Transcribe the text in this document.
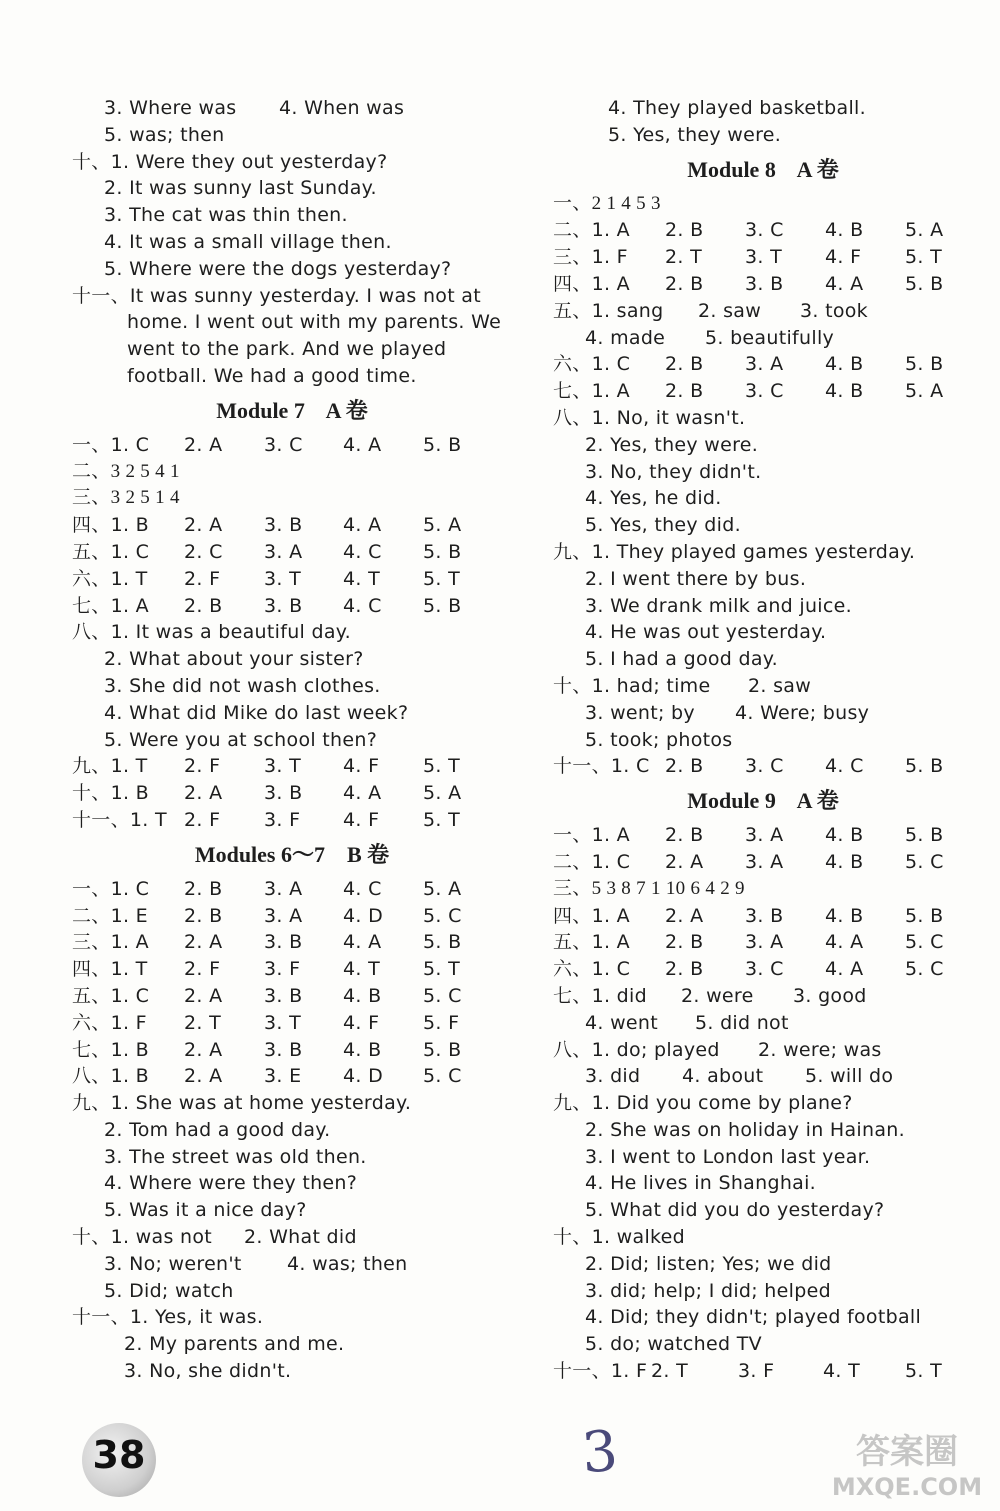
3. Where was 4. When was
5. was; then
十、1. Were they out yesterday?
2. It was sunny last Sunday.
3. The cat was thin then.
4. It was a small village then.
5. Where were the dogs yesterday?
十一、It was sunny yesterday. I was not at
home. I went out with my parents. We
went to the park. And we played
football. We had a good time.
Module 7    A 卷
一、1. C 2. A 3. C 4. A 5. B
二、3 2 5 4 1
三、3 2 5 1 4
四、1. B 2. A 3. B 4. A 5. A
五、1. C 2. C 3. A 4. C 5. B
六、1. T 2. F 3. T 4. T 5. T
七、1. A 2. B 3. B 4. C 5. B
八、1. It was a beautiful day.
2. What about your sister?
3. She did not wash clothes.
4. What did Mike do last week?
5. Were you at school then?
九、1. T 2. F 3. T 4. F 5. T
十、1. B 2. A 3. B 4. A 5. A
十一、1. T 2. F 3. F 4. F 5. T
Modules 6～7    B 卷
一、1. C 2. B 3. A 4. C 5. A
二、1. E 2. B 3. A 4. D 5. C
三、1. A 2. A 3. B 4. A 5. B
四、1. T 2. F 3. F 4. T 5. T
五、1. C 2. A 3. B 4. B 5. C
六、1. F 2. T 3. T 4. F 5. F
七、1. B 2. A 3. B 4. B 5. B
八、1. B 2. A 3. E 4. D 5. C
九、1. She was at home yesterday.
2. Tom had a good day.
3. The street was old then.
4. Where were they then?
5. Was it a nice day?
十、1. was not 2. What did
3. No; weren't 4. was; then
5. Did; watch
十一、1. Yes, it was.
2. My parents and me.
3. No, she didn't.
4. They played basketball.
5. Yes, they were.
Module 8    A 卷
一、2 1 4 5 3
二、1. A 2. B 3. C 4. B 5. A
三、1. F 2. T 3. T 4. F 5. T
四、1. A 2. B 3. B 4. A 5. B
五、1. sang 2. saw 3. took
4. made 5. beautifully
六、1. C 2. B 3. A 4. B 5. B
七、1. A 2. B 3. C 4. B 5. A
八、1. No, it wasn't.
2. Yes, they were.
3. No, they didn't.
4. Yes, he did.
5. Yes, they did.
九、1. They played games yesterday.
2. I went there by bus.
3. We drank milk and juice.
4. He was out yesterday.
5. I had a good day.
十、1. had; time 2. saw
3. went; by 4. Were; busy
5. took; photos
十一、1. C 2. B 3. C 4. C 5. B
Module 9    A 卷
一、1. A 2. B 3. A 4. B 5. B
二、1. C 2. A 3. A 4. B 5. C
三、5 3 8 7 1 10 6 4 2 9
四、1. A 2. A 3. B 4. B 5. B
五、1. A 2. B 3. A 4. A 5. C
六、1. C 2. B 3. C 4. A 5. C
七、1. did 2. were 3. good
4. went 5. did not
八、1. do; played 2. were; was
3. did 4. about 5. will do
九、1. Did you come by plane?
2. She was on holiday in Hainan.
3. I went to London last year.
4. He lives in Shanghai.
5. What did you do yesterday?
十、1. walked
2. Did; listen; Yes; we did
3. did; help; I did; helped
4. Did; they didn't; played football
5. do; watched TV
十一、1. F 2. T	3. F	4. T 5. T
38	3	答案圈
MXQE.COM
